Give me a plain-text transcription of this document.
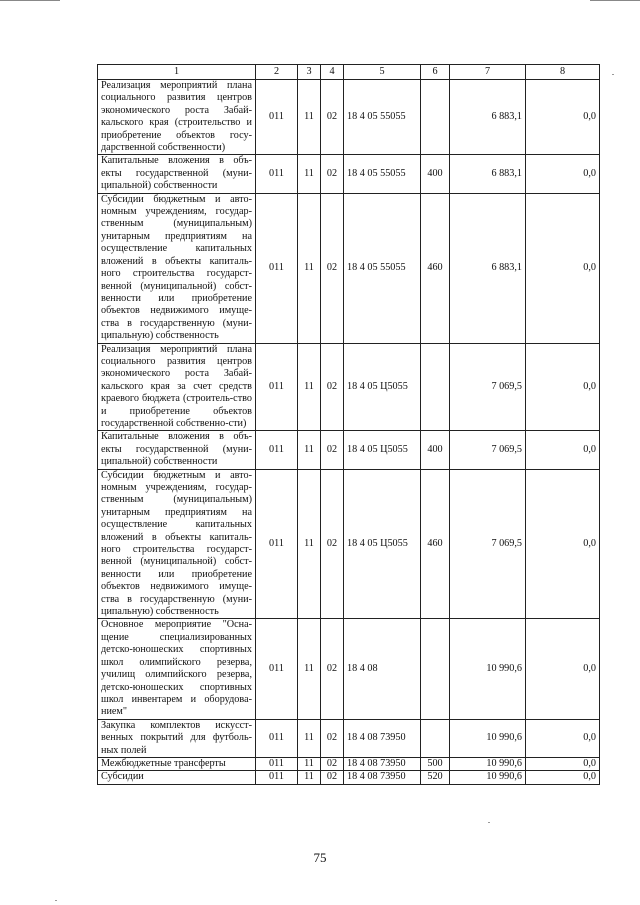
1	2	3	4	5	6	7	8
Реализация мероприятий плана социального развития центров экономического роста Забай-кальского края (строительство и приобретение объектов госу-дарственной собственности)	011	11	02	18 4 05 55055		6 883,1	0,0
Капитальные вложения в объ-екты государственной (муни-ципальной) собственности	011	11	02	18 4 05 55055	400	6 883,1	0,0
Субсидии бюджетным и авто-номным учреждениям, государ-ственным (муниципальным) унитарным предприятиям на осуществление капитальных вложений в объекты капиталь-ного строительства государст-венной (муниципальной) собст-венности или приобретение объектов недвижимого имуще-ства в государственную (муни-ципальную) собственность	011	11	02	18 4 05 55055	460	6 883,1	0,0
Реализация мероприятий плана социального развития центров экономического роста Забай-кальского края за счет средств краевого бюджета (строитель-ство и приобретение объектов государственной собственно-сти)	011	11	02	18 4 05 Ц5055		7 069,5	0,0
Капитальные вложения в объ-екты государственной (муни-ципальной) собственности	011	11	02	18 4 05 Ц5055	400	7 069,5	0,0
Субсидии бюджетным и авто-номным учреждениям, государ-ственным (муниципальным) унитарным предприятиям на осуществление капитальных вложений в объекты капиталь-ного строительства государст-венной (муниципальной) собст-венности или приобретение объектов недвижимого имуще-ства в государственную (муни-ципальную) собственность	011	11	02	18 4 05 Ц5055	460	7 069,5	0,0
Основное мероприятие "Осна-щение специализированных детско-юношеских спортивных школ олимпийского резерва, училищ олимпийского резерва, детско-юношеских спортивных школ инвентарем и оборудова-нием"	011	11	02	18 4 08		10 990,6	0,0
Закупка комплектов искусст-венных покрытий для футболь-ных полей	011	11	02	18 4 08 73950		10 990,6	0,0
Межбюджетные трансферты	011	11	02	18 4 08 73950	500	10 990,6	0,0
Субсидии	011	11	02	18 4 08 73950	520	10 990,6	0,0
75
